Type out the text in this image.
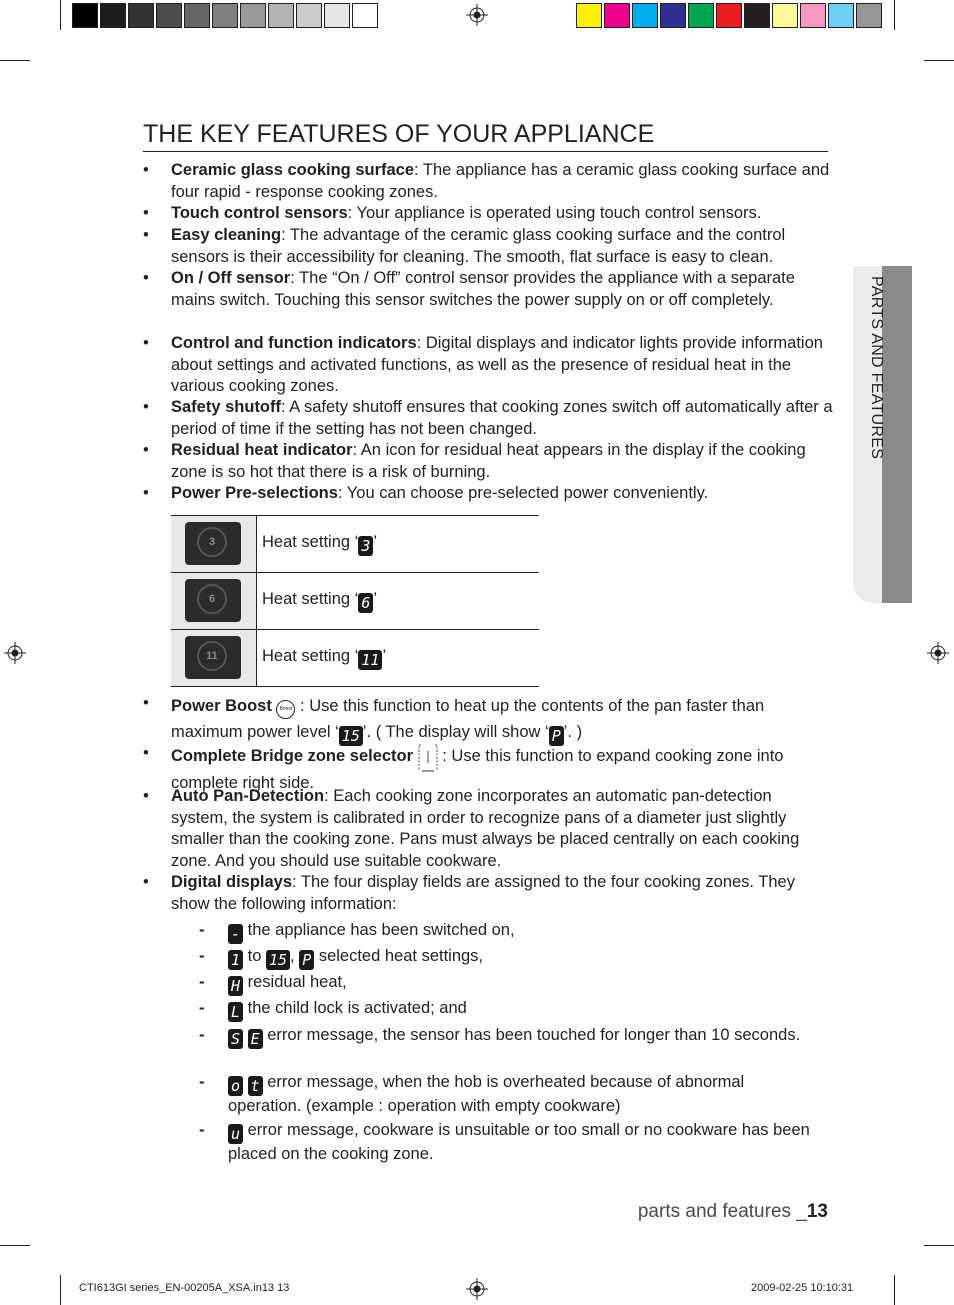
THE KEY FEATURES OF YOUR APPLIANCE
PARTS AND FEATURES
• Ceramic glass cooking surface: The appliance has a ceramic glass cooking surface and four rapid - response cooking zones.
• Touch control sensors: Your appliance is operated using touch control sensors.
• Easy cleaning: The advantage of the ceramic glass cooking surface and the control sensors is their accessibility for cleaning. The smooth, flat surface is easy to clean.
• On / Off sensor: The “On / Off” control sensor provides the appliance with a separate mains switch. Touching this sensor switches the power supply on or off completely.
• Control and function indicators: Digital displays and indicator lights provide information about settings and activated functions, as well as the presence of residual heat in the various cooking zones.
• Safety shutoff: A safety shutoff ensures that cooking zones switch off automatically after a period of time if the setting has not been changed.
• Residual heat indicator: An icon for residual heat appears in the display if the cooking zone is so hot that there is a risk of burning.
• Power Pre-selections: You can choose pre-selected power conveniently.
3	Heat setting ‘ 3 ’
6	Heat setting ‘ 6 ’
11	Heat setting ‘ 11 ’
• Power Boost Boost : Use this function to heat up the contents of the pan faster than maximum power level ‘ 15 ’. ( The display will show ‘ P ’. )
• Complete Bridge zone selector  : Use this function to expand cooking zone into complete right side.
• Auto Pan-Detection: Each cooking zone incorporates an automatic pan-detection system, the system is calibrated in order to recognize pans of a diameter just slightly smaller than the cooking zone. Pans must always be placed centrally on each cooking zone. And you should use suitable cookware.
• Digital displays: The four display fields are assigned to the four cooking zones. They show the following information:
- - the appliance has been switched on,
- 1 to 15 , P selected heat settings,
- H residual heat,
- L the child lock is activated; and
- S E error message, the sensor has been touched for longer than 10 seconds.
- o t error message, when the hob is overheated because of abnormal operation. (example : operation with empty cookware)
- u error message, cookware is unsuitable or too small or no cookware has been placed on the cooking zone.
parts and features _13
CTI613GI series_EN-00205A_XSA.in13 13	2009-02-25 10:10:31
